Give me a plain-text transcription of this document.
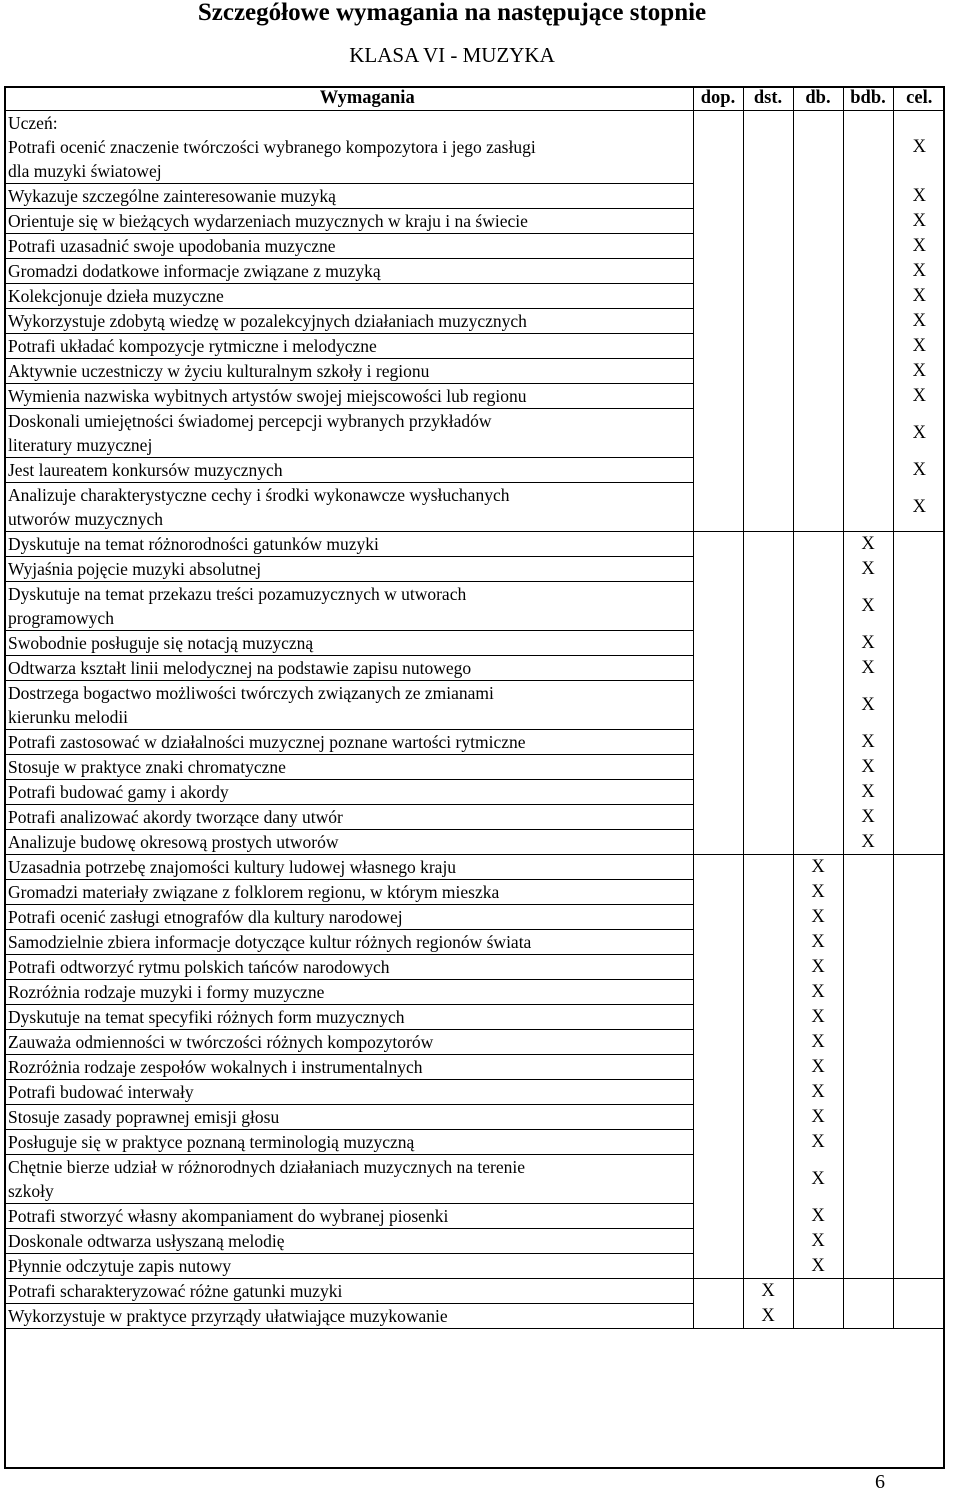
Szczegółowe wymagania na następujące stopnie
KLASA VI - MUZYKA
Wymagania	dop.	dst.	db.	bdb.	cel.

Uczeń:
Potrafi ocenić znaczenie twórczości wybranego kompozytora i jego zasługi
dla muzyki światowej					X

Wykazuje szczególne zainteresowanie muzyką					X

Orientuje się w bieżących wydarzeniach muzycznych w kraju i na świecie					X

Potrafi uzasadnić swoje upodobania muzyczne					X

Gromadzi dodatkowe informacje związane z muzyką					X

Kolekcjonuje dzieła muzyczne					X

Wykorzystuje zdobytą wiedzę w pozalekcyjnych działaniach muzycznych					X

Potrafi układać kompozycje rytmiczne i melodyczne					X

Aktywnie uczestniczy w życiu kulturalnym szkoły i regionu					X

Wymienia nazwiska wybitnych artystów swojej miejscowości lub regionu					X

Doskonali umiejętności świadomej percepcji wybranych przykładów
literatury muzycznej					X

Jest laureatem konkursów muzycznych					X

Analizuje charakterystyczne cechy i środki wykonawcze wysłuchanych
utworów muzycznych					X

Dyskutuje na temat różnorodności gatunków muzyki				X	

Wyjaśnia pojęcie muzyki absolutnej				X	

Dyskutuje na temat przekazu treści pozamuzycznych w utworach
programowych				X	

Swobodnie posługuje się notacją muzyczną				X	

Odtwarza kształt linii melodycznej na podstawie zapisu nutowego				X	

Dostrzega bogactwo możliwości twórczych związanych ze zmianami
kierunku melodii				X	

Potrafi zastosować w działalności muzycznej poznane wartości rytmiczne				X	

Stosuje w praktyce znaki chromatyczne				X	

Potrafi budować gamy i akordy				X	

Potrafi analizować akordy tworzące dany utwór				X	

Analizuje budowę okresową prostych utworów				X	

Uzasadnia potrzebę znajomości kultury ludowej własnego kraju			X		

Gromadzi materiały związane z folklorem regionu, w którym mieszka			X		

Potrafi ocenić zasługi etnografów dla kultury narodowej			X		

Samodzielnie zbiera informacje dotyczące kultur różnych regionów świata			X		

Potrafi odtworzyć rytmu polskich tańców narodowych			X		

Rozróżnia rodzaje muzyki i formy muzyczne			X		

Dyskutuje na temat specyfiki różnych form muzycznych			X		

Zauważa odmienności w twórczości różnych kompozytorów			X		

Rozróżnia rodzaje zespołów wokalnych i instrumentalnych			X		

Potrafi budować interwały			X		

Stosuje zasady poprawnej emisji głosu			X		

Posługuje się w praktyce poznaną terminologią muzyczną			X		

Chętnie bierze udział w różnorodnych działaniach muzycznych na terenie
szkoły			X		

Potrafi stworzyć własny akompaniament do wybranej piosenki			X		

Doskonale odtwarza usłyszaną melodię			X		

Płynnie odczytuje zapis nutowy			X		

Potrafi scharakteryzować różne gatunki muzyki		X			

Wykorzystuje w praktyce przyrządy ułatwiające muzykowanie		X			
6
